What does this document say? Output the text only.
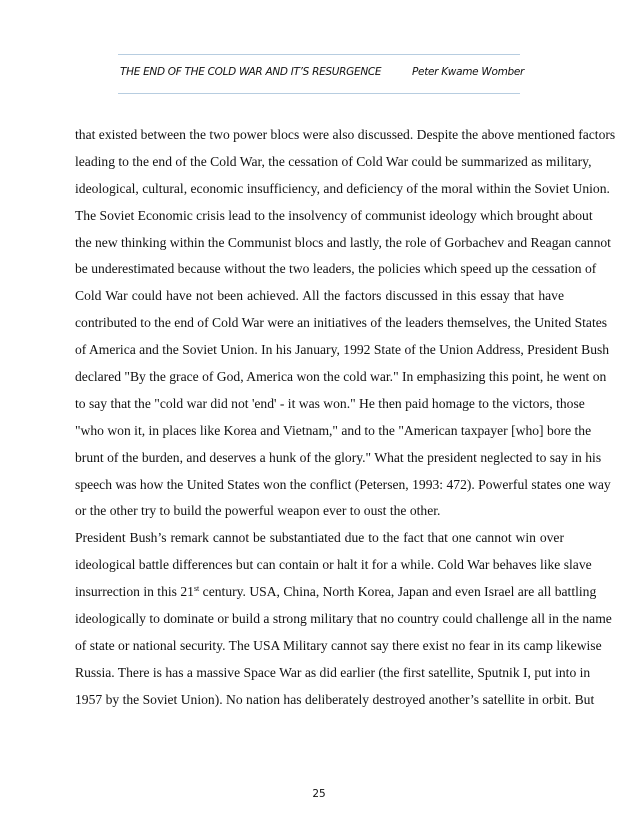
THE END OF THE COLD WAR AND IT’S RESURGENCE	Peter Kwame Womber
that existed between the two power blocs were also discussed. Despite the above mentioned factors
leading to the end of the Cold War, the cessation of Cold War could be summarized as military,
ideological, cultural, economic insufficiency, and deficiency of the moral within the Soviet Union.
The Soviet Economic crisis lead to the insolvency of communist ideology which brought about
the new thinking within the Communist blocs and lastly, the role of Gorbachev and Reagan cannot
be underestimated because without the two leaders, the policies which speed up the cessation of
Cold War could have not been achieved. All the factors discussed in this essay that have
contributed to the end of Cold War were an initiatives of the leaders themselves, the United States
of America and the Soviet Union. In his January, 1992 State of the Union Address, President Bush
declared "By the grace of God, America won the cold war." In emphasizing this point, he went on
to say that the "cold war did not 'end' - it was won." He then paid homage to the victors, those
"who won it, in places like Korea and Vietnam," and to the "American taxpayer [who] bore the
brunt of the burden, and deserves a hunk of the glory." What the president neglected to say in his
speech was how the United States won the conflict (Petersen, 1993: 472). Powerful states one way
or the other try to build the powerful weapon ever to oust the other.
President Bush’s remark cannot be substantiated due to the fact that one cannot win over
ideological battle differences but can contain or halt it for a while. Cold War behaves like slave
insurrection in this 21st century. USA, China, North Korea, Japan and even Israel are all battling
ideologically to dominate or build a strong military that no country could challenge all in the name
of state or national security. The USA Military cannot say there exist no fear in its camp likewise
Russia. There is has a massive Space War as did earlier (the first satellite, Sputnik I, put into in
1957 by the Soviet Union). No nation has deliberately destroyed another’s satellite in orbit. But
25
